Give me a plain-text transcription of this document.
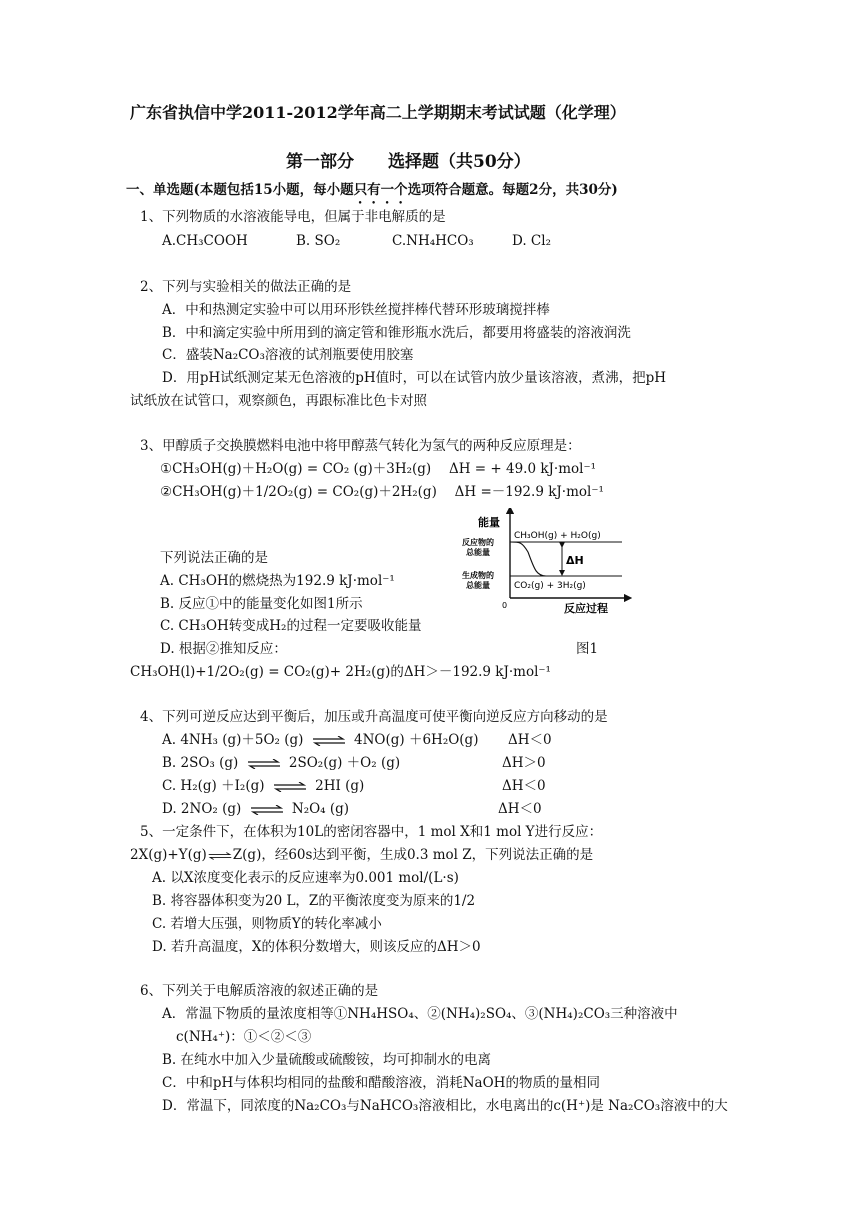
广东省执信中学2011-2012学年高二上学期期末考试试题（化学理）
第一部分　　选择题（共50分）
一、单选题(本题包括15小题，每小题只有一个选项符合题意。每题2分，共30分)
1、下列物质的水溶液能导电，但属于非电解质的是
A.CH₃COOH	B. SO₂	C.NH₄HCO₃	D. Cl₂
2、下列与实验相关的做法正确的是
A．中和热测定实验中可以用环形铁丝搅拌棒代替环形玻璃搅拌棒
B．中和滴定实验中所用到的滴定管和锥形瓶水洗后，都要用将盛装的溶液润洗
C．盛装Na₂CO₃溶液的试剂瓶要使用胶塞
D．用pH试纸测定某无色溶液的pH值时，可以在试管内放少量该溶液，煮沸，把pH
试纸放在试管口，观察颜色，再跟标准比色卡对照
3、甲醇质子交换膜燃料电池中将甲醇蒸气转化为氢气的两种反应原理是：
①CH₃OH(g)＋H₂O(g) = CO₂ (g)＋3H₂(g)　 ΔH = + 49.0 kJ·mol⁻¹
②CH₃OH(g)＋1/2O₂(g) = CO₂(g)＋2H₂(g)　 ΔH =－192.9 kJ·mol⁻¹
下列说法正确的是
A. CH₃OH的燃烧热为192.9 kJ·mol⁻¹
B. 反应①中的能量变化如图1所示
C. CH₃OH转变成H₂的过程一定要吸收能量
D. 根据②推知反应：
CH₃OH(l)+1/2O₂(g) = CO₂(g)+ 2H₂(g)的ΔH＞－192.9 kJ·mol⁻¹
图1
能量
反应物的
总能量
生成物的
总能量
CH₃OH(g) + H₂O(g)
CO₂(g) + 3H₂(g)
ΔH
0	反应过程
4、下列可逆反应达到平衡后，加压或升高温度可使平衡向逆反应方向移动的是
A. 4NH₃ (g)＋5O₂ (g) ⇌ 4NO(g) ＋6H₂O(g) ΔH＜0
B. 2SO₃ (g) ⇌ 2SO₂(g) ＋O₂ (g)	ΔH＞0
C. H₂(g) ＋I₂(g) ⇌ 2HI (g)	ΔH＜0
D. 2NO₂ (g) ⇌ N₂O₄ (g)	ΔH＜0
5、一定条件下，在体积为10L的密闭容器中，1 mol X和1 mol Y进行反应：
2X(g)+Y(g)⇌Z(g)，经60s达到平衡，生成0.3 mol Z，下列说法正确的是
A. 以X浓度变化表示的反应速率为0.001 mol/(L·s)
B. 将容器体积变为20 L，Z的平衡浓度变为原来的1/2
C. 若增大压强，则物质Y的转化率减小
D. 若升高温度，X的体积分数增大，则该反应的ΔH＞0
6、下列关于电解质溶液的叙述正确的是
A．常温下物质的量浓度相等①NH₄HSO₄、②(NH₄)₂SO₄、③(NH₄)₂CO₃三种溶液中
c(NH₄⁺)：①＜②＜③
B. 在纯水中加入少量硫酸或硫酸铵，均可抑制水的电离
C．中和pH与体积均相同的盐酸和醋酸溶液，消耗NaOH的物质的量相同
D．常温下，同浓度的Na₂CO₃与NaHCO₃溶液相比，水电离出的c(H⁺)是 Na₂CO₃溶液中的大
